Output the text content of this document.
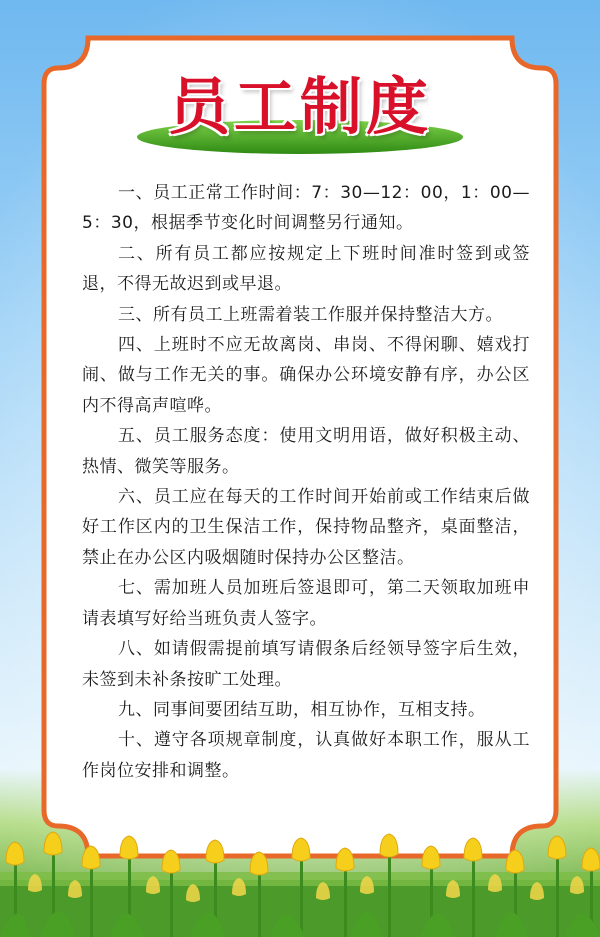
员工制度

一、员工正常工作时间：7：30—12：00，1：00—5：30，根据季节变化时间调整另行通知。

二、所有员工都应按规定上下班时间准时签到或签退，不得无故迟到或早退。

三、所有员工上班需着装工作服并保持整洁大方。

四、上班时不应无故离岗、串岗、不得闲聊、嬉戏打闹、做与工作无关的事。确保办公环境安静有序，办公区内不得高声喧哗。

五、员工服务态度：使用文明用语，做好积极主动、热情、微笑等服务。

六、员工应在每天的工作时间开始前或工作结束后做好工作区内的卫生保洁工作，保持物品整齐，桌面整洁，禁止在办公区内吸烟随时保持办公区整洁。

七、需加班人员加班后签退即可，第二天领取加班申请表填写好给当班负责人签字。

八、如请假需提前填写请假条后经领导签字后生效，未签到未补条按旷工处理。

九、同事间要团结互助，相互协作，互相支持。

十、遵守各项规章制度，认真做好本职工作，服从工作岗位安排和调整。
